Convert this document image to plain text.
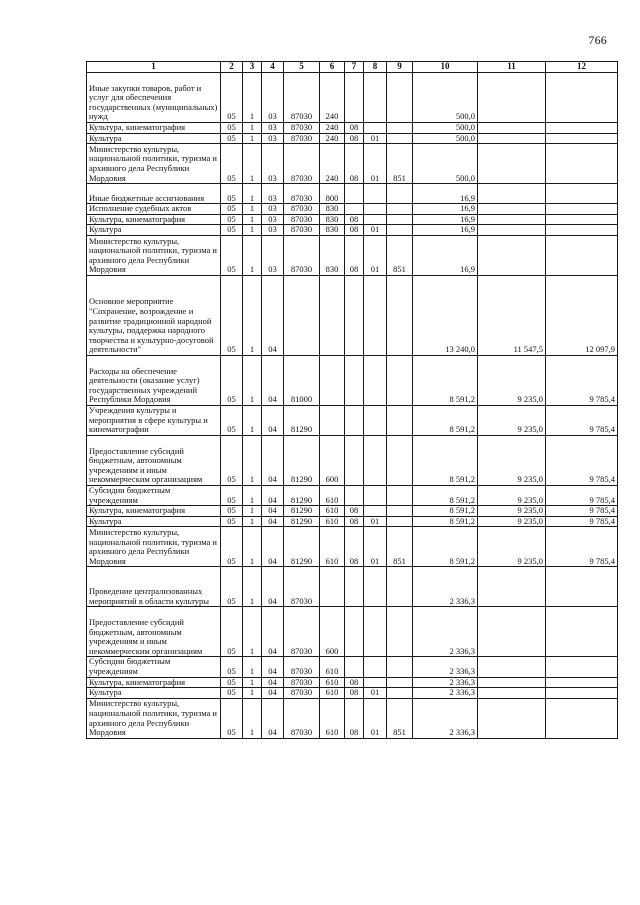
766
1	2	3	4	5	6	7	8	9	10	11	12
Иные закупки товаров, работ и услуг для обеспечения государственных (муниципальных) нужд	05	1	03	87030	240				500,0		
Культура, кинематография	05	1	03	87030	240	08			500,0		
Культура	05	1	03	87030	240	08	01		500,0		
Министерство культуры, национальной политики, туризма и архивного дела Республики Мордовия	05	1	03	87030	240	08	01	851	500,0		
Иные бюджетные ассигнования	05	1	03	87030	800				16,9		
Исполнение судебных актов	05	1	03	87030	830				16,9		
Культура, кинематография	05	1	03	87030	830	08			16,9		
Культура	05	1	03	87030	830	08	01		16,9		
Министерство культуры, национальной политики, туризма и архивного дела Республики Мордовия	05	1	03	87030	830	08	01	851	16,9		
Основное мероприятие "Сохранение, возрождение и развитие традиционной народной культуры, поддержка народного творчества и культурно-досуговой деятельности"	05	1	04						13 240,0	11 547,5	12 097,9
Расходы на обеспечение деятельности (оказание услуг) государственных учреждений Республики Мордовия	05	1	04	81000					8 591,2	9 235,0	9 785,4
Учреждения культуры и мероприятия в сфере культуры и кинематографии	05	1	04	81290					8 591,2	9 235,0	9 785,4
Предоставление субсидий бюджетным, автономным учреждениям и иным некоммерческим организациям	05	1	04	81290	600				8 591,2	9 235,0	9 785,4
Субсидии бюджетным учреждениям	05	1	04	81290	610				8 591,2	9 235,0	9 785,4
Культура, кинематография	05	1	04	81290	610	08			8 591,2	9 235,0	9 785,4
Культура	05	1	04	81290	610	08	01		8 591,2	9 235,0	9 785,4
Министерство культуры, национальной политики, туризма и архивного дела Республики Мордовия	05	1	04	81290	610	08	01	851	8 591,2	9 235,0	9 785,4
Проведение централизованных мероприятий в области культуры	05	1	04	87030					2 336,3		
Предоставление субсидий бюджетным, автономным учреждениям и иным некоммерческим организациям	05	1	04	87030	600				2 336,3		
Субсидии бюджетным учреждениям	05	1	04	87030	610				2 336,3		
Культура, кинематография	05	1	04	87030	610	08			2 336,3		
Культура	05	1	04	87030	610	08	01		2 336,3		
Министерство культуры, национальной политики, туризма и архивного дела Республики Мордовия	05	1	04	87030	610	08	01	851	2 336,3		
